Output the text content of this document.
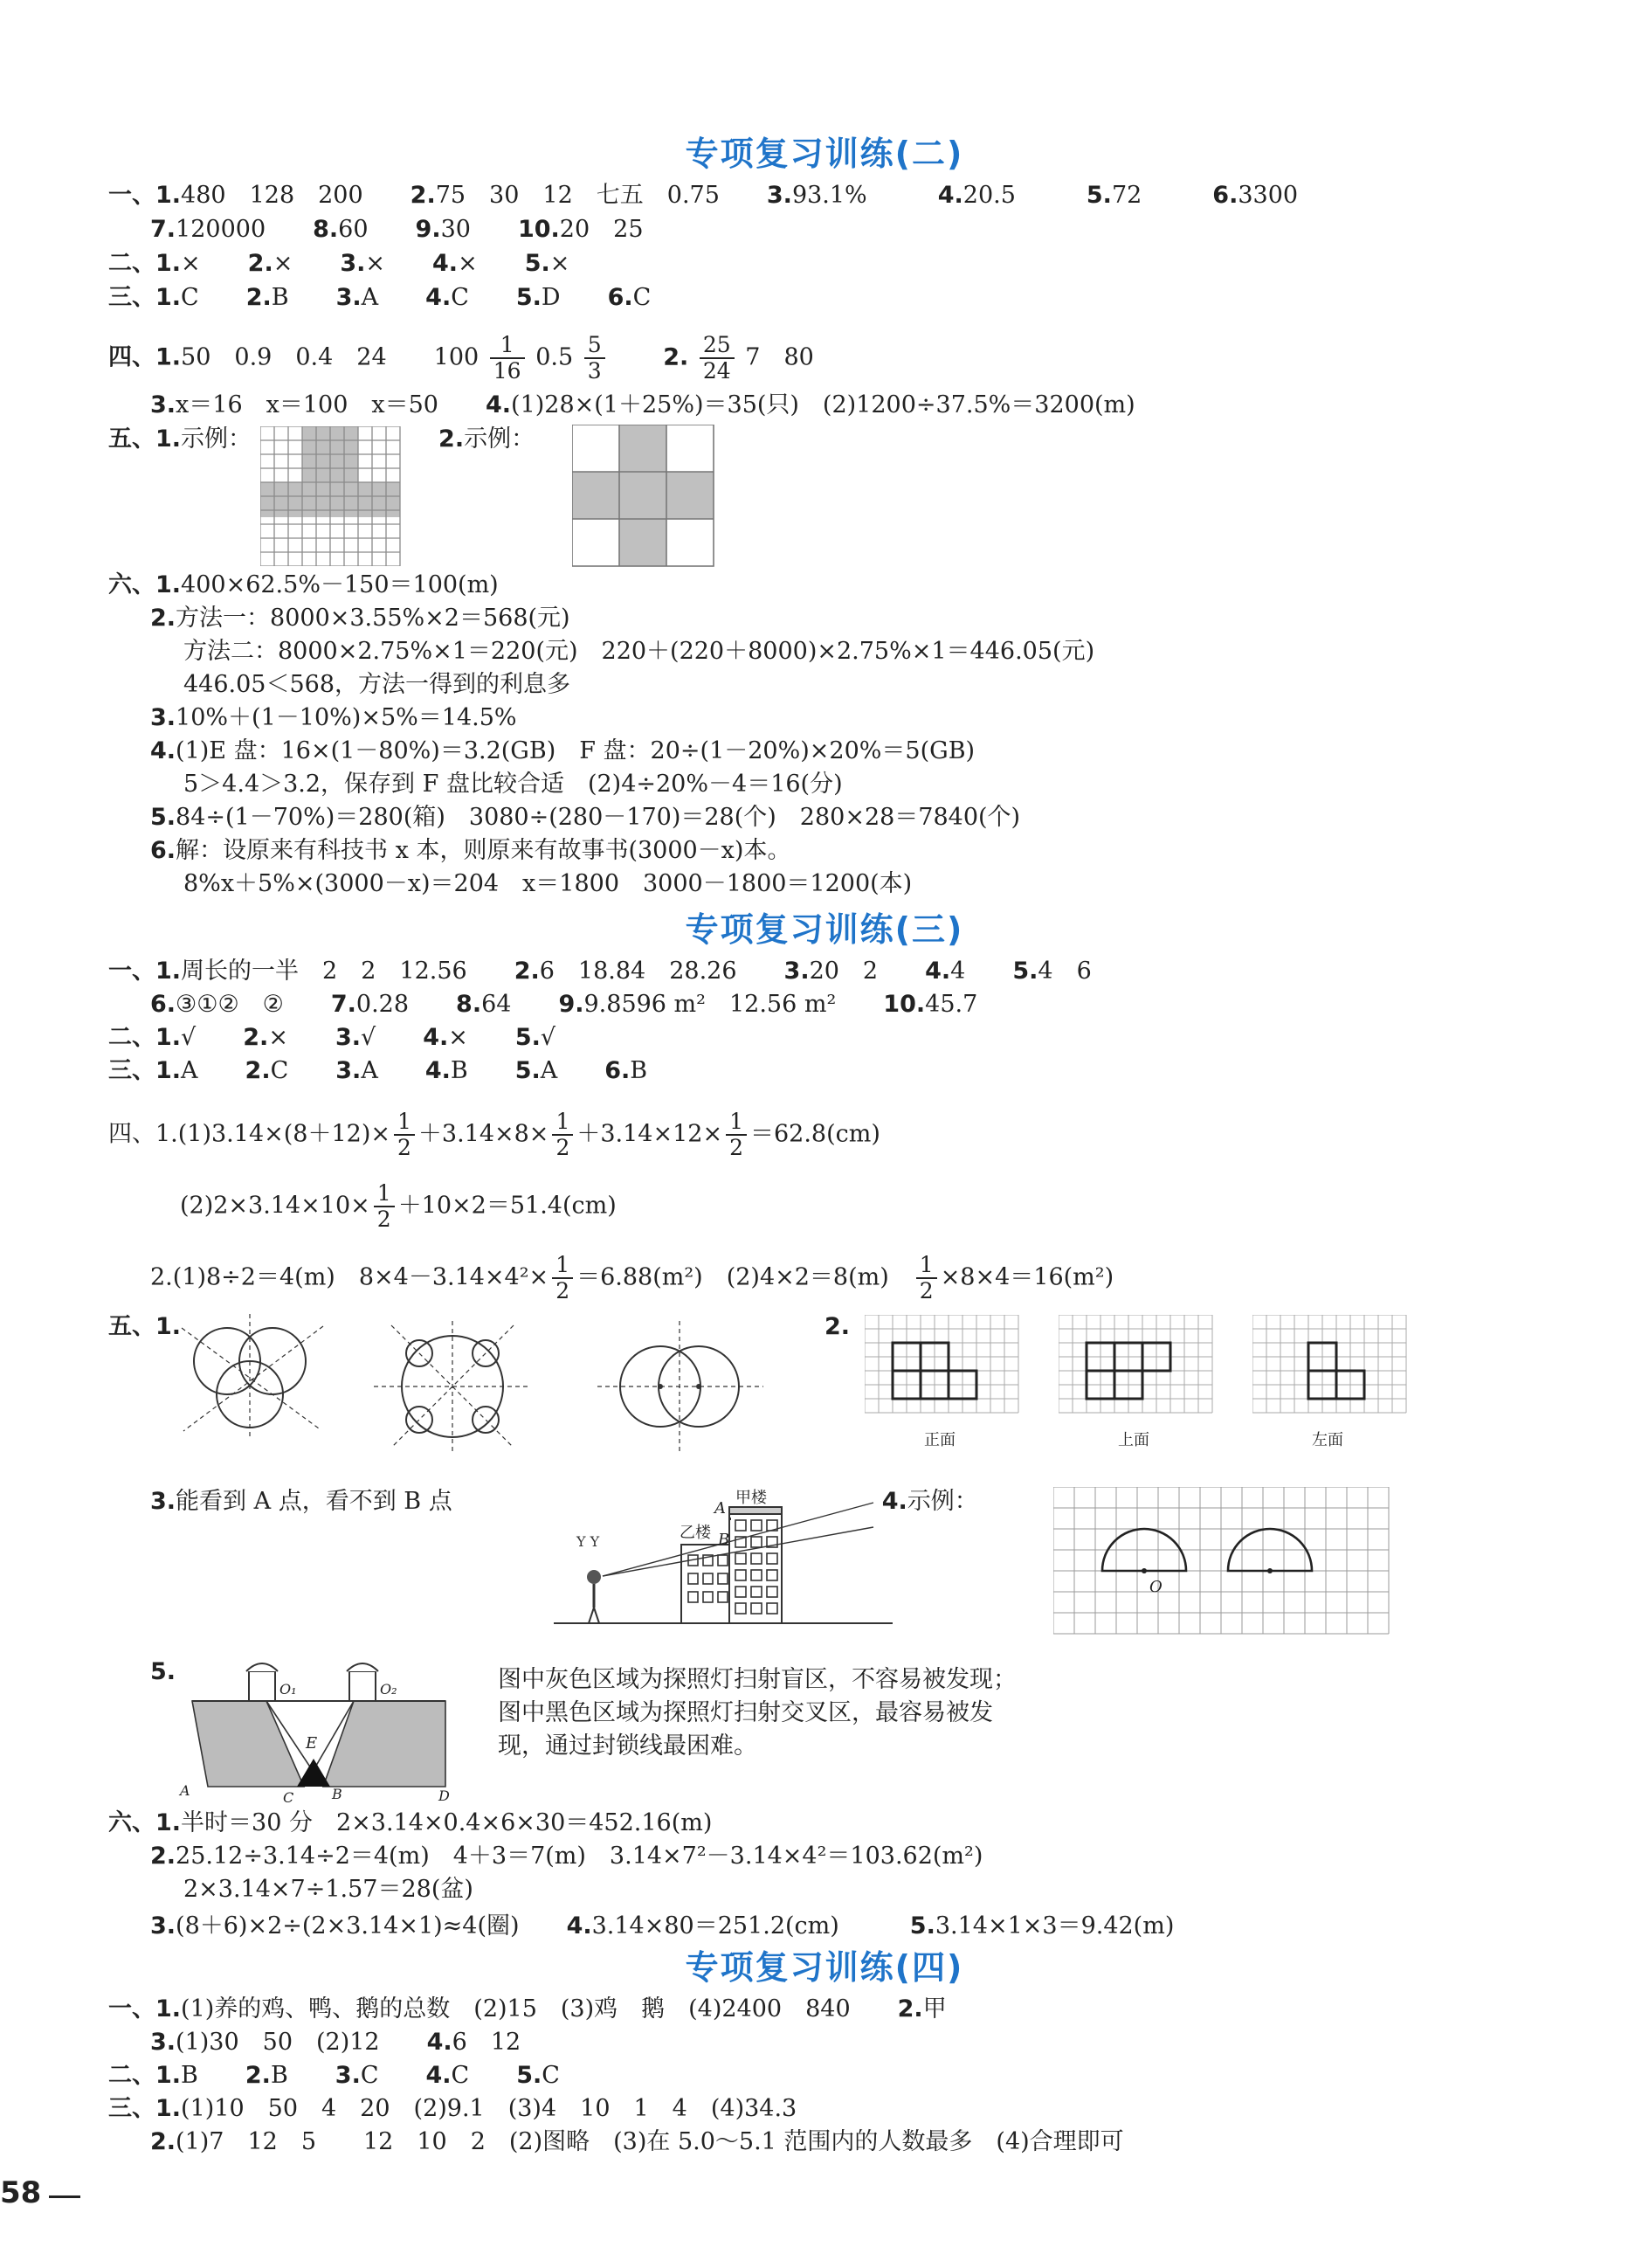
专项复习训练(二)
一、1.480　128　200　　2.75　30　12　七五　0.75　　3.93.1%　　　4.20.5　　　5.72　　　6.3300
7.120000　　8.60　　9.30　　10.20　25
二、1.×　　2.×　　3.×　　4.×　　5.×
三、1.C　　2.B　　3.A　　4.C　　5.D　　6.C
3.x＝16　x＝100　x＝50　　4.(1)28×(1＋25%)＝35(只)　(2)1200÷37.5%＝3200(m)
五、1.示例：	2.示例：
六、1.400×62.5%－150＝100(m)
2.方法一：8000×3.55%×2＝568(元)
方法二：8000×2.75%×1＝220(元)　220＋(220＋8000)×2.75%×1＝446.05(元)
446.05＜568，方法一得到的利息多
3.10%＋(1－10%)×5%＝14.5%
4.(1)E 盘：16×(1－80%)＝3.2(GB)　F 盘：20÷(1－20%)×20%＝5(GB)
5＞4.4＞3.2，保存到 F 盘比较合适　(2)4÷20%－4＝16(分)
5.84÷(1－70%)＝280(箱)　3080÷(280－170)＝28(个)　280×28＝7840(个)
6.解：设原来有科技书 x 本，则原来有故事书(3000－x)本。
8%x＋5%×(3000－x)＝204　x＝1800　3000－1800＝1200(本)
四、1.50　0.9　0.4　24　　$100 \frac{1}{16} 0.5 \frac{5}{3}$
　　 2. $\frac{25}{24} 7$　80
专项复习训练(三)
一、1.周长的一半　2　2　12.56　　2.6　18.84　28.26　　3.20　2　　4.4　　5.4　6
6.③①②　②　　7.0.28　　8.64　　9.9.8596 m²　12.56 m²　　10.45.7
二、1.√　　2.×　　3.√　　4.×　　5.√
三、1.A　　2.C　　3.A　　4.B　　5.A　　6.B
3.能看到 A 点，看不到 B 点	4.示例：
六、1.半时＝30 分　2×3.14×0.4×6×30＝452.16(m)
2.25.12÷3.14÷2＝4(m)　4＋3＝7(m)　3.14×7²－3.14×4²＝103.62(m²)
2×3.14×7÷1.57＝28(盆)
3.(8＋6)×2÷(2×3.14×1)≈4(圈)　　4.3.14×80＝251.2(cm)　　　5.3.14×1×3＝9.42(m)
四、$1.(1)3.14\times(8+12)\times \frac{1}{2} +3.14\times 8\times \frac{1}{2} +3.14\times 12\times \frac{1}{2} =62.8(cm)$
$(2)2\times 3.14\times 10\times \frac{1}{2} +10\times 2=51.4(cm)$
2.(1)8÷2＝4(m)　$8\times 4-3.14\times 4^2\times \frac{1}{2} =6.88(m^2)$　(2)4×2＝8(m)　 $\frac{1}{2} \times 8\times 4=16(m^2)$
五、1.	2.
正面	上面	左面
Y Y
甲楼
乙楼
A
B
O
5.
O₁	O₂
E
A	C	B	D
图中灰色区域为探照灯扫射盲区，不容易被发现；
图中黑色区域为探照灯扫射交叉区，最容易被发
现，通过封锁线最困难。
专项复习训练(四)
一、1.(1)养的鸡、鸭、鹅的总数　(2)15　(3)鸡　鹅　(4)2400　840　　2.甲
3.(1)30　50　(2)12　　4.6　12
二、1.B　　2.B　　3.C　　4.C　　5.C
三、1.(1)10　50　4　20　(2)9.1　(3)4　10　1　4　(4)34.3
2.(1)7　12　5　　12　10　2　(2)图略　(3)在 5.0～5.1 范围内的人数最多　(4)合理即可
58
